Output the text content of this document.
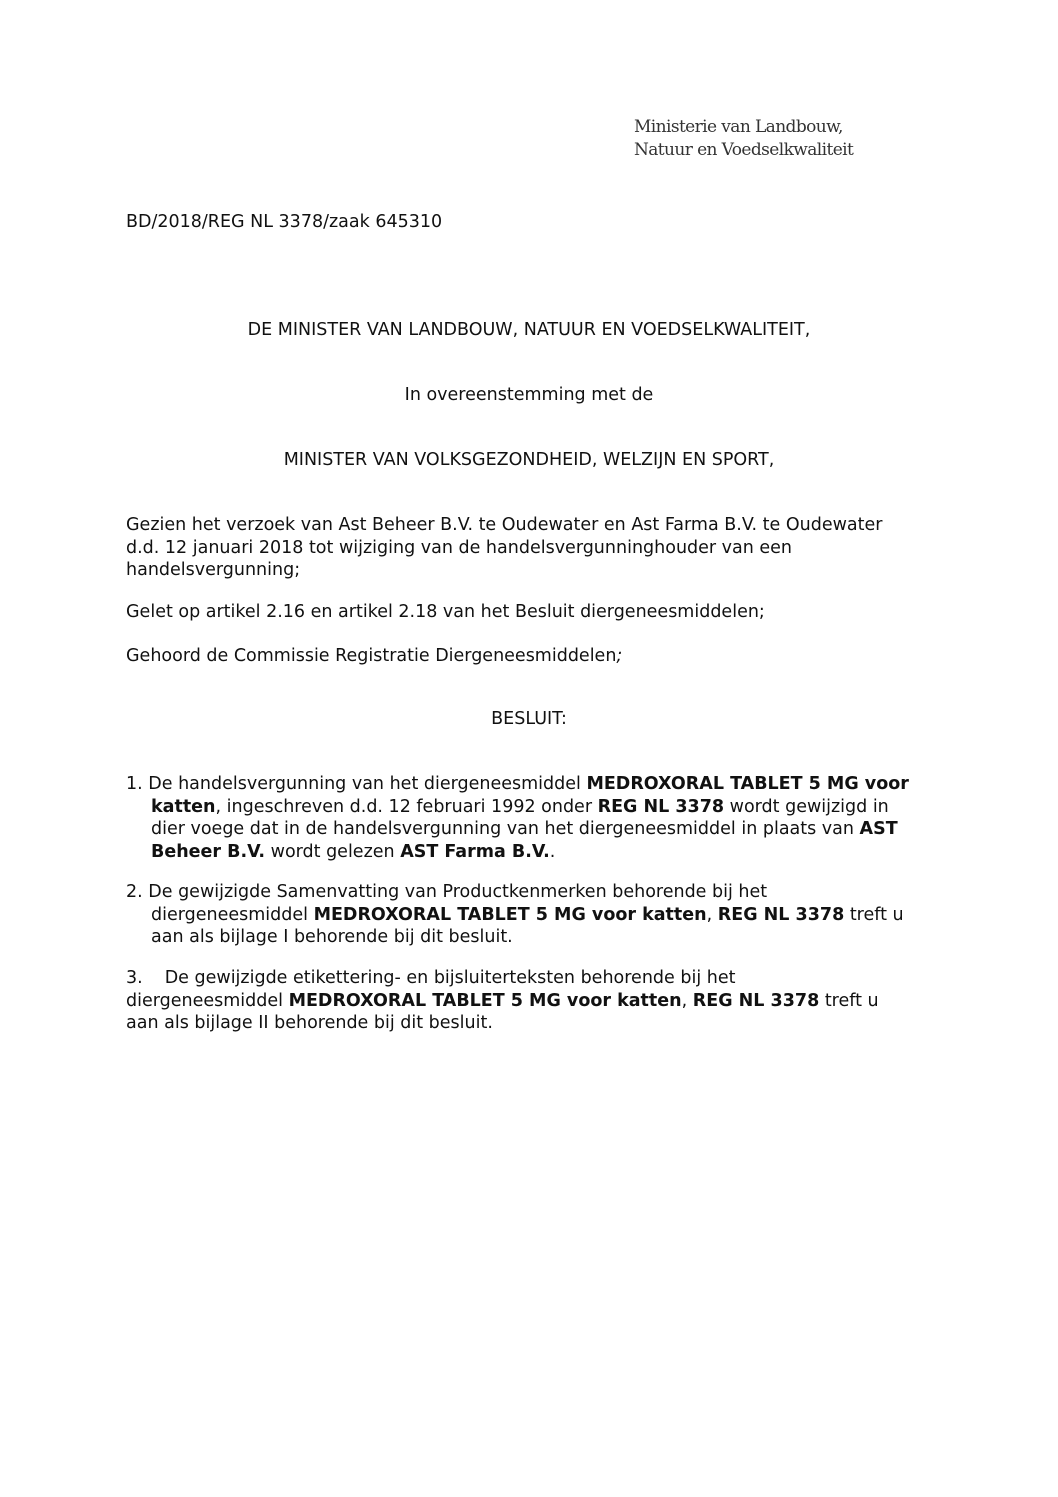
Ministerie van Landbouw,
Natuur en Voedselkwaliteit
BD/2018/REG NL 3378/zaak 645310
DE MINISTER VAN LANDBOUW, NATUUR EN VOEDSELKWALITEIT,
In overeenstemming met de
MINISTER VAN VOLKSGEZONDHEID, WELZIJN EN SPORT,
Gezien het verzoek van Ast Beheer B.V. te Oudewater en Ast Farma B.V. te Oudewater
d.d. 12 januari 2018 tot wijziging van de handelsvergunninghouder van een
handelsvergunning;
Gelet op artikel 2.16 en artikel 2.18 van het Besluit diergeneesmiddelen;
Gehoord de Commissie Registratie Diergeneesmiddelen;
BESLUIT:
1. De handelsvergunning van het diergeneesmiddel MEDROXORAL TABLET 5 MG voor
katten, ingeschreven d.d. 12 februari 1992 onder REG NL 3378 wordt gewijzigd in
dier voege dat in de handelsvergunning van het diergeneesmiddel in plaats van AST
Beheer B.V. wordt gelezen AST Farma B.V..
2. De gewijzigde Samenvatting van Productkenmerken behorende bij het
diergeneesmiddel MEDROXORAL TABLET 5 MG voor katten, REG NL 3378 treft u
aan als bijlage I behorende bij dit besluit.
3. De gewijzigde etikettering- en bijsluiterteksten behorende bij het
diergeneesmiddel MEDROXORAL TABLET 5 MG voor katten, REG NL 3378 treft u
aan als bijlage II behorende bij dit besluit.
